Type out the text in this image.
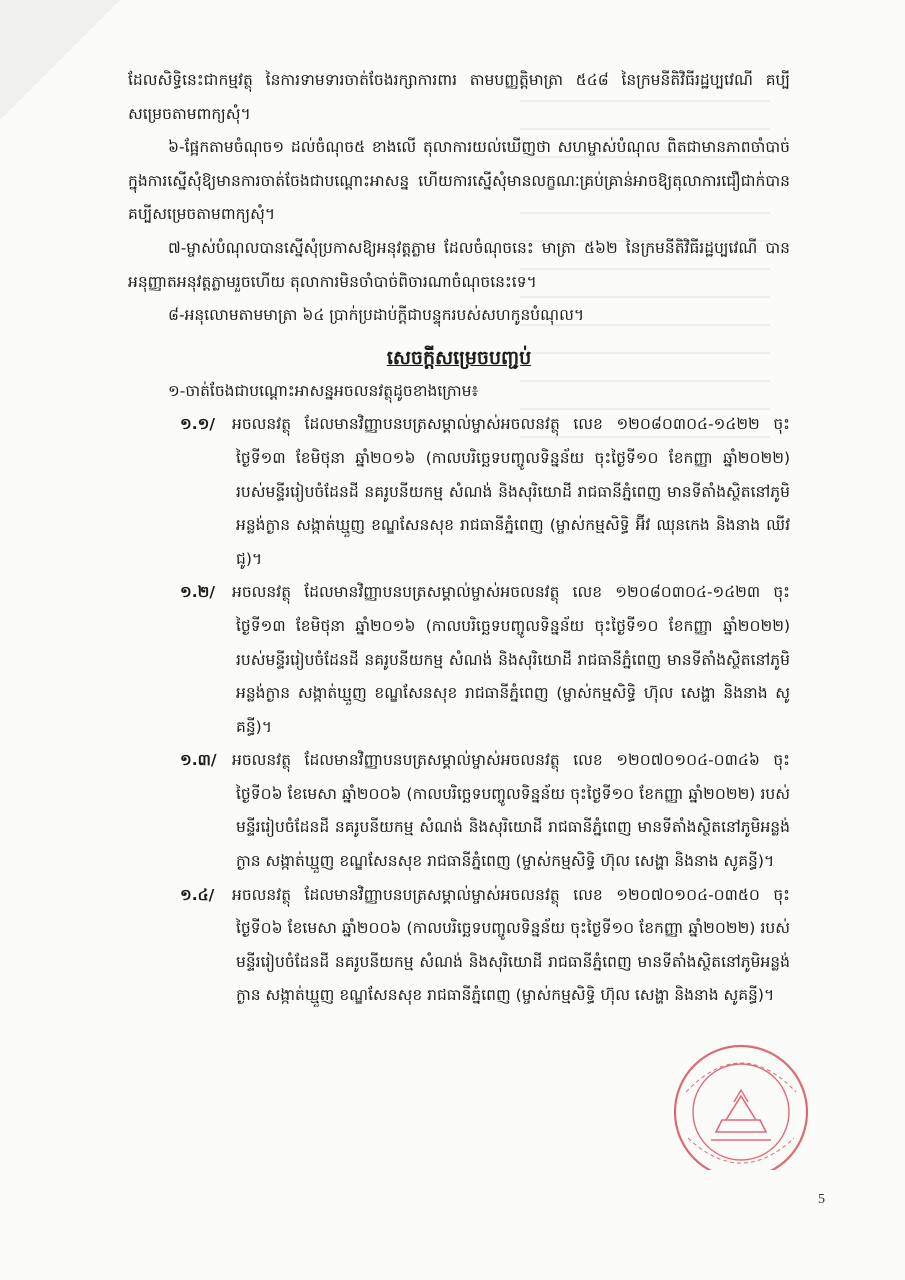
ដែលសិទ្ធិនេះជាកម្មវត្ថុ នៃការទាមទារចាត់ចែងរក្សាការពារ តាមបញ្ញត្តិមាត្រា ៥៤៨ នៃក្រមនីតិវិធីរដ្ឋប្បវេណី គប្បីសម្រេចតាមពាក្យសុំ។

៦-ផ្អែកតាមចំណុច១ ដល់ចំណុច៥ ខាងលើ តុលាការយល់ឃើញថា សហម្ចាស់បំណុល ពិតជាមានភាពចាំបាច់ក្នុងការស្នើសុំឱ្យមានការចាត់ចែងជាបណ្តោះអាសន្ន ហើយការស្នើសុំមានលក្ខណៈគ្រប់គ្រាន់អាចឱ្យតុលាការជឿជាក់បាន គប្បីសម្រេចតាមពាក្យសុំ។

៧-ម្ចាស់បំណុលបានស្នើសុំប្រកាសឱ្យអនុវត្តភ្លាម ដែលចំណុចនេះ មាត្រា ៥៦២ នៃក្រមនីតិវិធីរដ្ឋប្បវេណី បានអនុញ្ញាតអនុវត្តភ្លាមរួចហើយ តុលាការមិនចាំបាច់ពិចារណាចំណុចនេះទេ។

៨-អនុលោមតាមមាត្រា ៦៤ ប្រាក់ប្រដាប់ក្តីជាបន្ទុករបស់សហកូនបំណុល។

សេចក្តីសម្រេចបញ្ជប់

១-ចាត់ចែងជាបណ្តោះអាសន្នអចលនវត្ថុដូចខាងក្រោម៖

១.១/ អចលនវត្ថុ ដែលមានវិញ្ញាបនបត្រសម្គាល់ម្ចាស់អចលនវត្ថុ លេខ ១២០៨០៣០៤-១៤២២ ចុះថ្ងៃទី១៣ ខែមិថុនា ឆ្នាំ២០១៦ (កាលបរិច្ឆេទបញ្ចូលទិន្នន័យ ចុះថ្ងៃទី១០ ខែកញ្ញា ឆ្នាំ២០២២) របស់មន្ទីររៀបចំដែនដី នគរូបនីយកម្ម សំណង់ និងសុរិយោដី រាជធានីភ្នំពេញ មានទីតាំងស្ថិតនៅភូមិអន្លង់ក្ងាន សង្កាត់ឃ្មួញ ខណ្ឌសែនសុខ រាជធានីភ្នំពេញ (ម្ចាស់កម្មសិទ្ធិ អ៊ីវ ឈុនកេង និងនាង ឈីវ ជូ)។

១.២/ អចលនវត្ថុ ដែលមានវិញ្ញាបនបត្រសម្គាល់ម្ចាស់អចលនវត្ថុ លេខ ១២០៨០៣០៤-១៤២៣ ចុះថ្ងៃទី១៣ ខែមិថុនា ឆ្នាំ២០១៦ (កាលបរិច្ឆេទបញ្ចូលទិន្នន័យ ចុះថ្ងៃទី១០ ខែកញ្ញា ឆ្នាំ២០២២) របស់មន្ទីររៀបចំដែនដី នគរូបនីយកម្ម សំណង់ និងសុរិយោដី រាជធានីភ្នំពេញ មានទីតាំងស្ថិតនៅភូមិអន្លង់ក្ងាន សង្កាត់ឃ្មួញ ខណ្ឌសែនសុខ រាជធានីភ្នំពេញ (ម្ចាស់កម្មសិទ្ធិ ហ៊ុល សេង្ហា និងនាង សូគន្ធី)។

១.៣/ អចលនវត្ថុ ដែលមានវិញ្ញាបនបត្រសម្គាល់ម្ចាស់អចលនវត្ថុ លេខ ១២០៧០១០៤-០៣៤៦ ចុះថ្ងៃទី០៦ ខែមេសា ឆ្នាំ២០០៦ (កាលបរិច្ឆេទបញ្ចូលទិន្នន័យ ចុះថ្ងៃទី១០ ខែកញ្ញា ឆ្នាំ២០២២) របស់មន្ទីររៀបចំដែនដី នគរូបនីយកម្ម សំណង់ និងសុរិយោដី រាជធានីភ្នំពេញ មានទីតាំងស្ថិតនៅភូមិអន្លង់ក្ងាន សង្កាត់ឃ្មួញ ខណ្ឌសែនសុខ រាជធានីភ្នំពេញ (ម្ចាស់កម្មសិទ្ធិ ហ៊ុល សេង្ហា និងនាង សូគន្ធី)។

១.៤/ អចលនវត្ថុ ដែលមានវិញ្ញាបនបត្រសម្គាល់ម្ចាស់អចលនវត្ថុ លេខ ១២០៧០១០៤-០៣៥០ ចុះថ្ងៃទី០៦ ខែមេសា ឆ្នាំ២០០៦ (កាលបរិច្ឆេទបញ្ចូលទិន្នន័យ ចុះថ្ងៃទី១០ ខែកញ្ញា ឆ្នាំ២០២២) របស់មន្ទីររៀបចំដែនដី នគរូបនីយកម្ម សំណង់ និងសុរិយោដី រាជធានីភ្នំពេញ មានទីតាំងស្ថិតនៅភូមិអន្លង់ក្ងាន សង្កាត់ឃ្មួញ ខណ្ឌសែនសុខ រាជធានីភ្នំពេញ (ម្ចាស់កម្មសិទ្ធិ ហ៊ុល សេង្ហា និងនាង សូគន្ធី)។

5
